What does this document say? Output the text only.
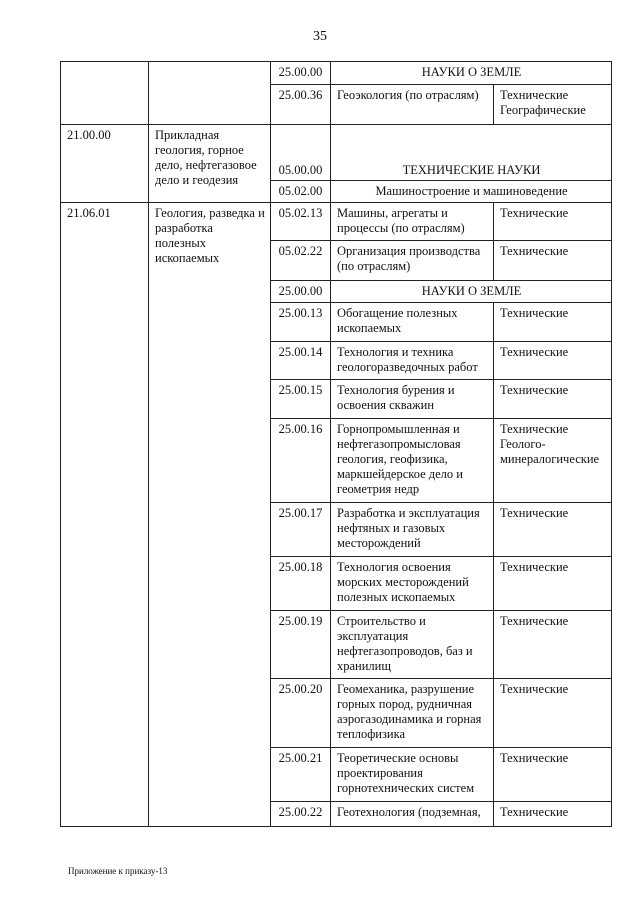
35
		25.00.00	НАУКИ О ЗЕМЛЕ	
		25.00.36	Геоэкология (по отраслям)	Технические Географические
21.00.00	Прикладная геология, горное дело, нефтегазовое дело и геодезия	05.00.00	ТЕХНИЧЕСКИЕ НАУКИ	
		05.02.00	Машиностроение и машиноведение	
21.06.01	Геология, разведка и разработка полезных ископаемых	05.02.13	Машины, агрегаты и процессы (по отраслям)	Технические
		05.02.22	Организация производства (по отраслям)	Технические
		25.00.00	НАУКИ О ЗЕМЛЕ	
		25.00.13	Обогащение полезных ископаемых	Технические
		25.00.14	Технология и техника геологоразведочных работ	Технические
		25.00.15	Технология бурения и освоения скважин	Технические
		25.00.16	Горнопромышленная и нефтегазопромысловая геология, геофизика, маркшейдерское дело и геометрия недр	Технические Геолого-минералогические
		25.00.17	Разработка и эксплуатация нефтяных и газовых месторождений	Технические
		25.00.18	Технология освоения морских месторождений полезных ископаемых	Технические
		25.00.19	Строительство и эксплуатация нефтегазопроводов, баз и хранилищ	Технические
		25.00.20	Геомеханика, разрушение горных пород, рудничная аэрогазодинамика и горная теплофизика	Технические
		25.00.21	Теоретические основы проектирования горнотехнических систем	Технические
		25.00.22	Геотехнология (подземная,	Технические
Приложение к приказу-13
